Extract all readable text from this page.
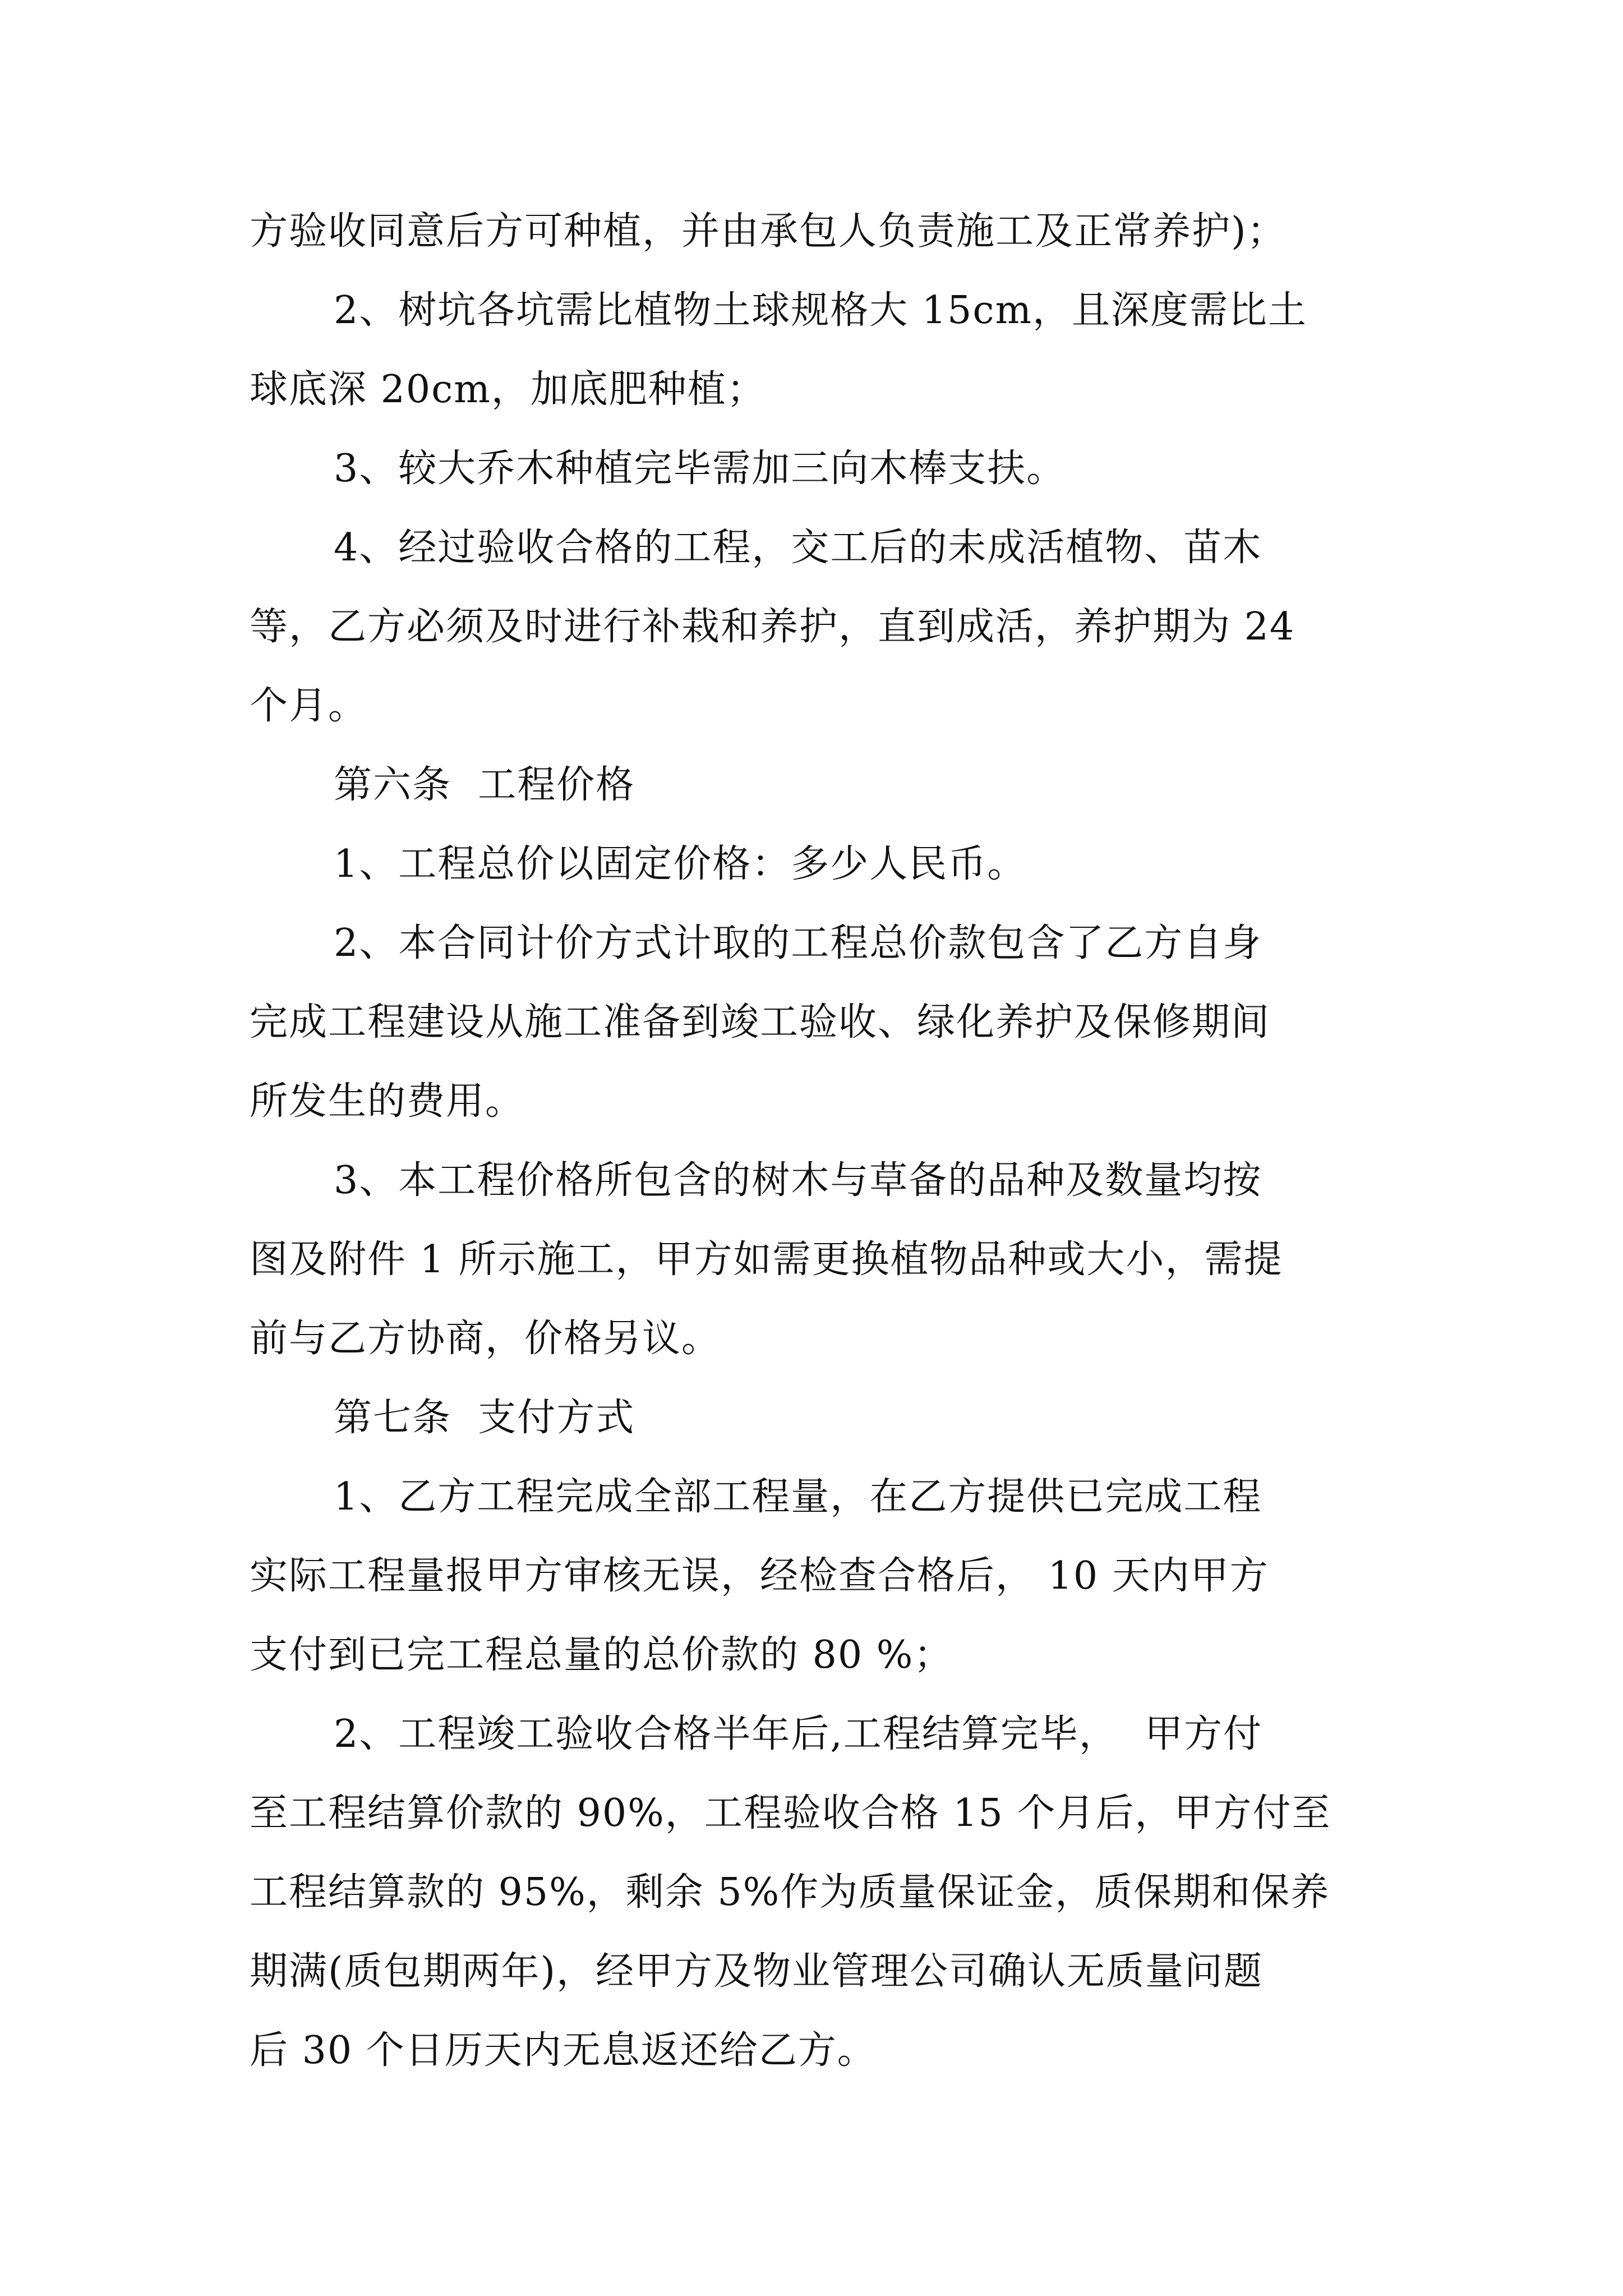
方验收同意后方可种植，并由承包人负责施工及正常养护)；
2、树坑各坑需比植物土球规格大 15cm，且深度需比土
球底深 20cm，加底肥种植；
3、较大乔木种植完毕需加三向木棒支扶。
4、经过验收合格的工程，交工后的未成活植物、苗木
等，乙方必须及时进行补栽和养护，直到成活，养护期为 24
个月。
第六条  工程价格
1、工程总价以固定价格：多少人民币。
2、本合同计价方式计取的工程总价款包含了乙方自身
完成工程建设从施工准备到竣工验收、绿化养护及保修期间
所发生的费用。
3、本工程价格所包含的树木与草备的品种及数量均按
图及附件 1 所示施工，甲方如需更换植物品种或大小，需提
前与乙方协商，价格另议。
第七条  支付方式
1、乙方工程完成全部工程量，在乙方提供已完成工程
实际工程量报甲方审核无误，经检查合格后， 10 天内甲方
支付到已完工程总量的总价款的 80 %；
2、工程竣工验收合格半年后,工程结算完毕，  甲方付
至工程结算价款的 90%，工程验收合格 15 个月后，甲方付至
工程结算款的 95%，剩余 5%作为质量保证金，质保期和保养
期满(质包期两年)，经甲方及物业管理公司确认无质量问题
后 30 个日历天内无息返还给乙方。
